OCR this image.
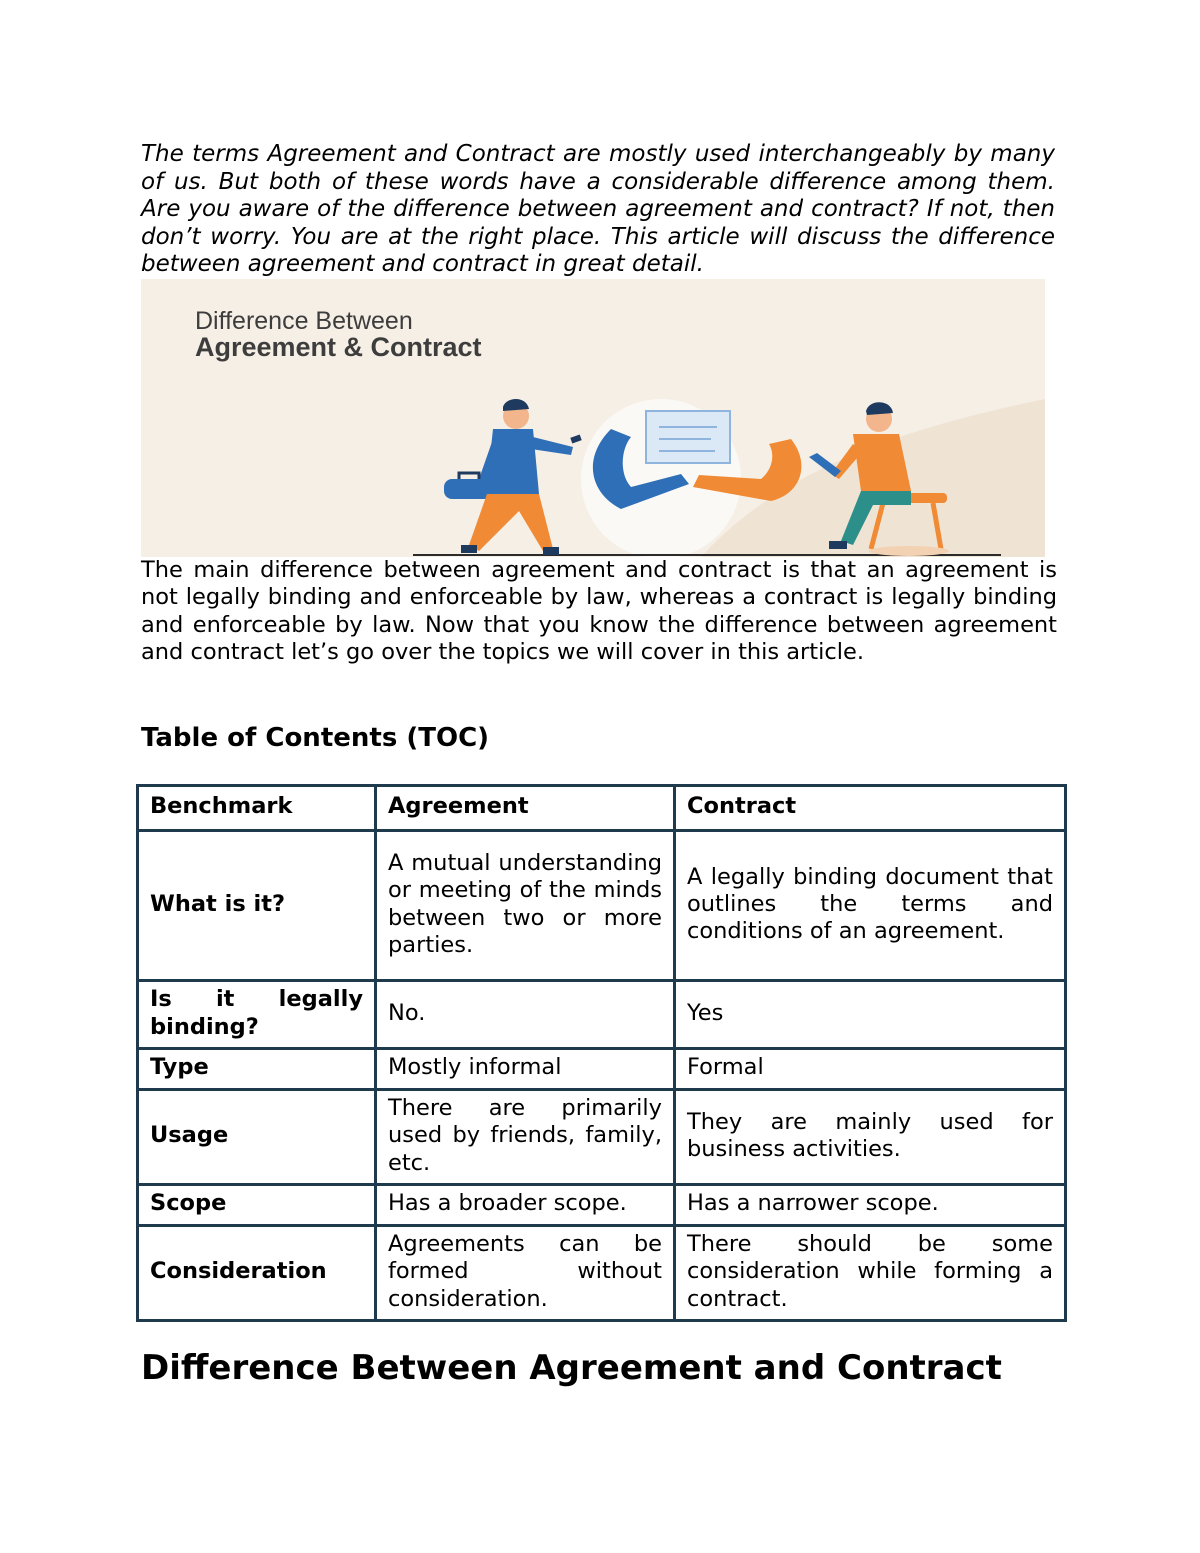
The terms Agreement and Contract are mostly used interchangeably by many of us. But both of these words have a considerable difference among them. Are you aware of the difference between agreement and contract? If not, then don’t worry. You are at the right place. This article will discuss the difference between agreement and contract in great detail.

Difference Between
Agreement & Contract

The main difference between agreement and contract is that an agreement is not legally binding and enforceable by law, whereas a contract is legally binding and enforceable by law. Now that you know the difference between agreement and contract let’s go over the topics we will cover in this article.

Table of Contents (TOC)
Benchmark	Agreement	Contract
What is it?	A mutual understanding or meeting of the minds between two or more parties.	A legally binding document that outlines the terms and conditions of an agreement.
Is it legally binding?	No.	Yes
Type	Mostly informal	Formal
Usage	There are primarily used by friends, family, etc.	They are mainly used for business activities.
Scope	Has a broader scope.	Has a narrower scope.
Consideration	Agreements can be formed without consideration.	There should be some consideration while forming a contract.
Difference Between Agreement and Contract
